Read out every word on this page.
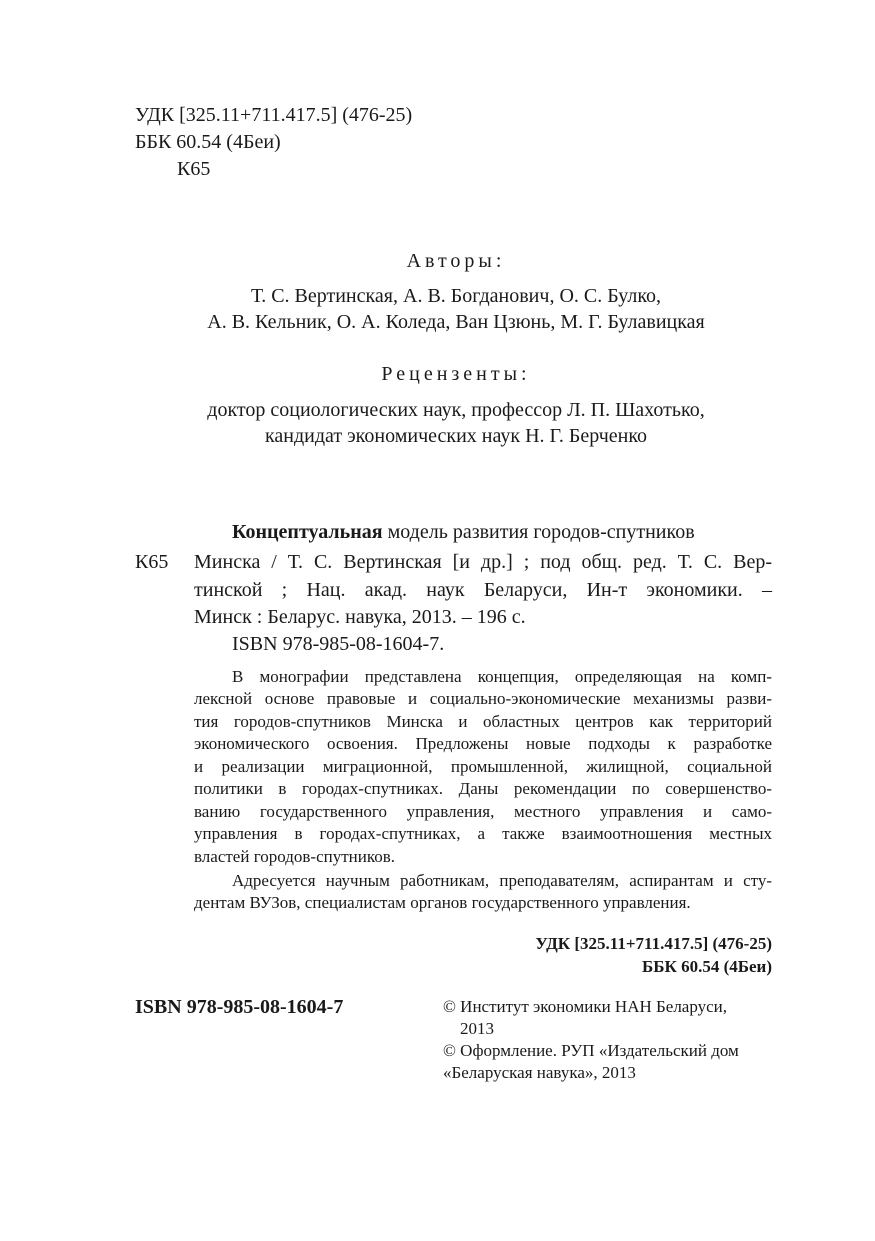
УДК [325.11+711.417.5] (476-25)
ББК 60.54 (4Беи)
К65
Авторы:
Т. С. Вертинская, А. В. Богданович, О. С. Булко,
А. В. Кельник, О. А. Коледа, Ван Цзюнь, М. Г. Булавицкая
Рецензенты:
доктор социологических наук, профессор Л. П. Шахотько,
кандидат экономических наук Н. Г. Берченко
Концептуальная модель развития городов-спутников
К65 Минска / Т. С. Вертинская [и др.] ; под общ. ред. Т. С. Вер-
тинской ; Нац. акад. наук Беларуси, Ин-т экономики. –
Минск : Беларус. навука, 2013. – 196 с.
ISBN 978-985-08-1604-7.
В монографии представлена концепция, определяющая на комп-
лексной основе правовые и социально-экономические механизмы разви-
тия городов-спутников Минска и областных центров как территорий
экономического освоения. Предложены новые подходы к разработке
и реализации миграционной, промышленной, жилищной, социальной
политики в городах-спутниках. Даны рекомендации по совершенство-
ванию государственного управления, местного управления и само-
управления в городах-спутниках, а также взаимоотношения местных
властей городов-спутников.
Адресуется научным работникам, преподавателям, аспирантам и сту-
дентам ВУЗов, специалистам органов государственного управления.
УДК [325.11+711.417.5] (476-25)
ББК 60.54 (4Беи)
ISBN 978-985-08-1604-7	© Институт экономики НАН Беларуси,
2013
© Оформление. РУП «Издательский дом
«Беларуская навука», 2013
